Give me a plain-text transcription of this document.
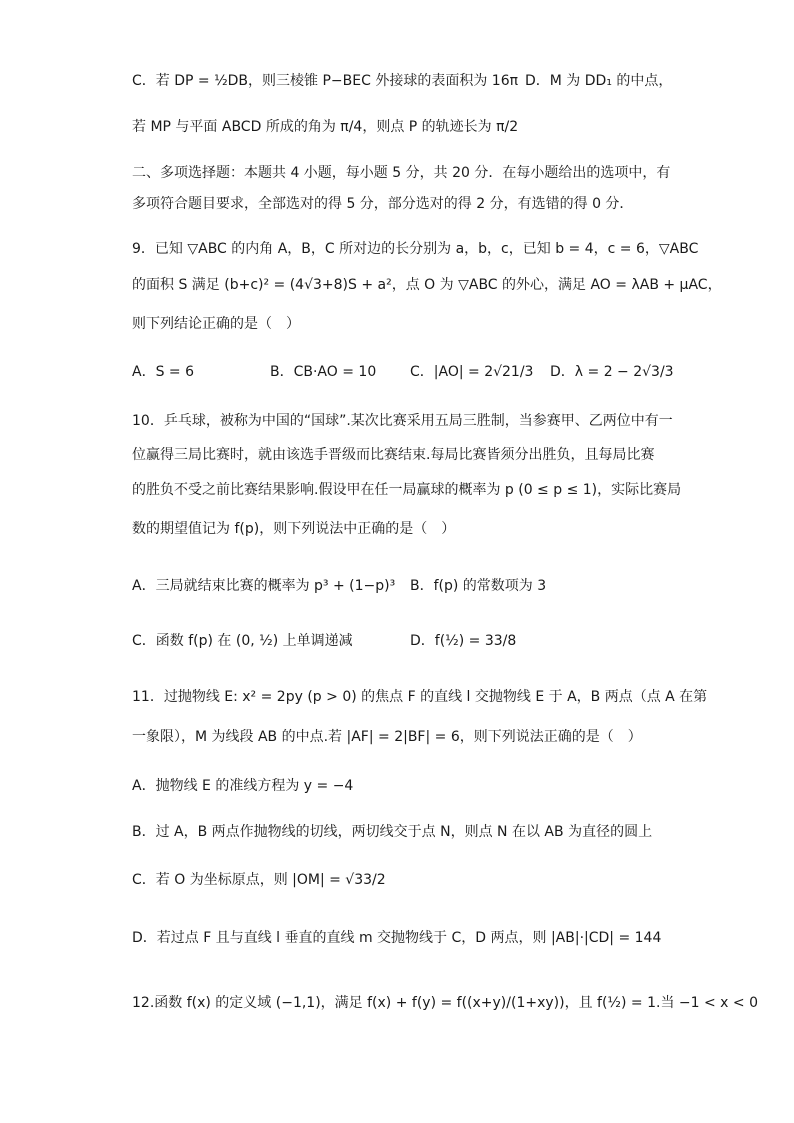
C．若 DP = ½DB，则三棱锥 P−BEC 外接球的表面积为 16π D．M 为 DD₁ 的中点，
若 MP 与平面 ABCD 所成的角为 π/4，则点 P 的轨迹长为 π/2
二、多项选择题：本题共 4 小题，每小题 5 分，共 20 分．在每小题给出的选项中，有
多项符合题目要求，全部选对的得 5 分，部分选对的得 2 分，有选错的得 0 分．
9．已知 ▽ABC 的内角 A，B，C 所对边的长分别为 a，b，c，已知 b = 4，c = 6，▽ABC
的面积 S 满足 (b+c)² = (4√3+8)S + a²，点 O 为 ▽ABC 的外心，满足 AO = λAB + μAC，
则下列结论正确的是（　）
A．S = 6	B．CB·AO = 10 C．|AO| = 2√21/3 D．λ = 2 − 2√3/3
10．乒乓球，被称为中国的“国球”.某次比赛采用五局三胜制，当参赛甲、乙两位中有一
位赢得三局比赛时，就由该选手晋级而比赛结束.每局比赛皆须分出胜负，且每局比赛
的胜负不受之前比赛结果影响.假设甲在任一局赢球的概率为 p (0 ≤ p ≤ 1)，实际比赛局
数的期望值记为 f(p)，则下列说法中正确的是（　）
A．三局就结束比赛的概率为 p³ + (1−p)³ B．f(p) 的常数项为 3
C．函数 f(p) 在 (0, ½) 上单调递减	D．f(½) = 33/8
11．过抛物线 E: x² = 2py (p > 0) 的焦点 F 的直线 l 交抛物线 E 于 A，B 两点（点 A 在第
一象限），M 为线段 AB 的中点.若 |AF| = 2|BF| = 6，则下列说法正确的是（　）
A．抛物线 E 的准线方程为 y = −4
B．过 A，B 两点作抛物线的切线，两切线交于点 N，则点 N 在以 AB 为直径的圆上
C．若 O 为坐标原点，则 |OM| = √33/2
D．若过点 F 且与直线 l 垂直的直线 m 交抛物线于 C，D 两点，则 |AB|·|CD| = 144
12.函数 f(x) 的定义域 (−1,1)，满足 f(x) + f(y) = f((x+y)/(1+xy))，且 f(½) = 1.当 −1 < x < 0
